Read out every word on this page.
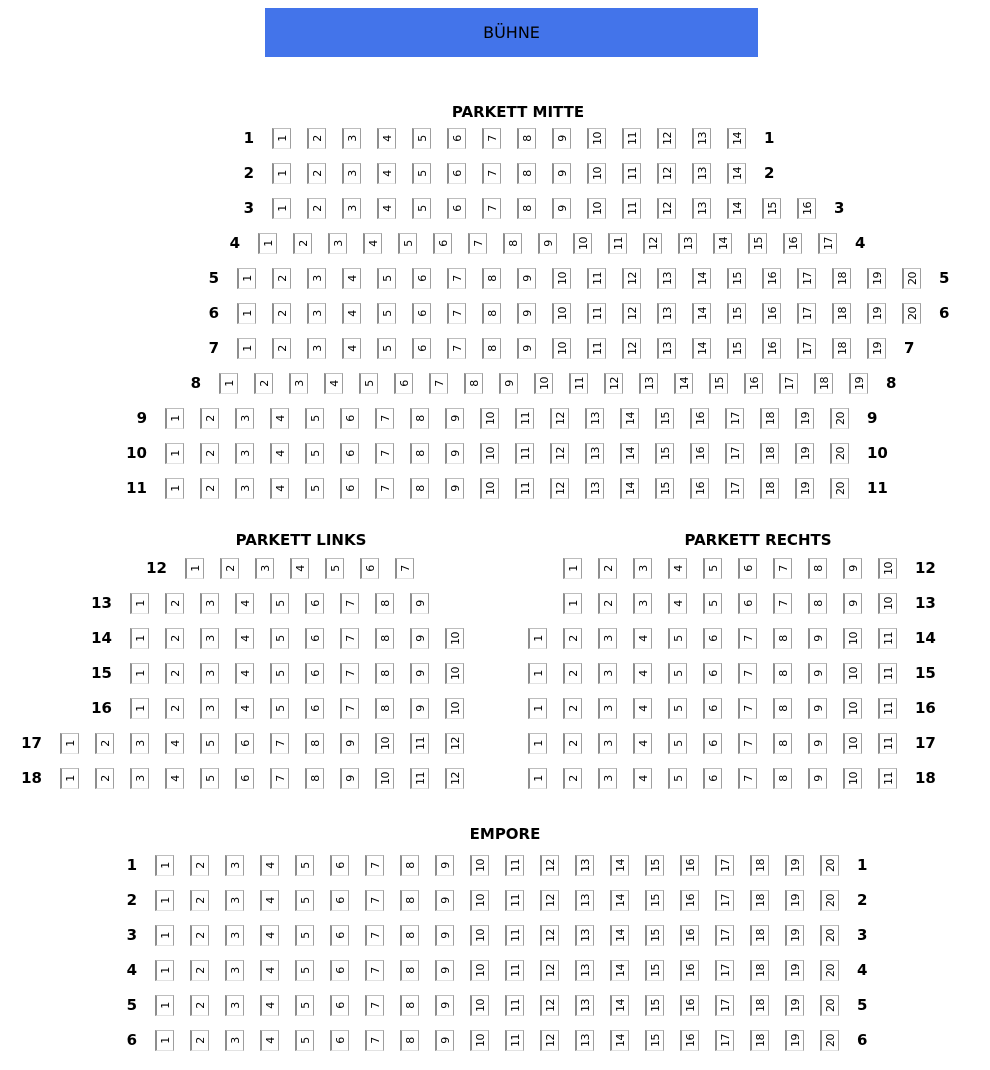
BÜHNE
PARKETT MITTE
1 1 2 3 4 5 6 7 8 9 10 11 12 13 14 1
2 1 2 3 4 5 6 7 8 9 10 11 12 13 14 2
3 1 2 3 4 5 6 7 8 9 10 11 12 13 14 15 16 3
4 1 2 3 4 5 6 7 8 9 10 11 12 13 14 15 16 17 4
5 1 2 3 4 5 6 7 8 9 10 11 12 13 14 15 16 17 18 19 20 5
6 1 2 3 4 5 6 7 8 9 10 11 12 13 14 15 16 17 18 19 20 6
7 1 2 3 4 5 6 7 8 9 10 11 12 13 14 15 16 17 18 19 7
8 1 2 3 4 5 6 7 8 9 10 11 12 13 14 15 16 17 18 19 8
9 1 2 3 4 5 6 7 8 9 10 11 12 13 14 15 16 17 18 19 20 9
10 1 2 3 4 5 6 7 8 9 10 11 12 13 14 15 16 17 18 19 20 10
11 1 2 3 4 5 6 7 8 9 10 11 12 13 14 15 16 17 18 19 20 11
PARKETT LINKS
12 1 2 3 4 5 6 7
13 1 2 3 4 5 6 7 8 9
14 1 2 3 4 5 6 7 8 9 10
15 1 2 3 4 5 6 7 8 9 10
16 1 2 3 4 5 6 7 8 9 10
17 1 2 3 4 5 6 7 8 9 10 11 12
18 1 2 3 4 5 6 7 8 9 10 11 12
PARKETT RECHTS
1 2 3 4 5 6 7 8 9 10 12
1 2 3 4 5 6 7 8 9 10 13
1 2 3 4 5 6 7 8 9 10 11 14
1 2 3 4 5 6 7 8 9 10 11 15
1 2 3 4 5 6 7 8 9 10 11 16
1 2 3 4 5 6 7 8 9 10 11 17
1 2 3 4 5 6 7 8 9 10 11 18
EMPORE
1 1 2 3 4 5 6 7 8 9 10 11 12 13 14 15 16 17 18 19 20 1
2 1 2 3 4 5 6 7 8 9 10 11 12 13 14 15 16 17 18 19 20 2
3 1 2 3 4 5 6 7 8 9 10 11 12 13 14 15 16 17 18 19 20 3
4 1 2 3 4 5 6 7 8 9 10 11 12 13 14 15 16 17 18 19 20 4
5 1 2 3 4 5 6 7 8 9 10 11 12 13 14 15 16 17 18 19 20 5
6 1 2 3 4 5 6 7 8 9 10 11 12 13 14 15 16 17 18 19 20 6
